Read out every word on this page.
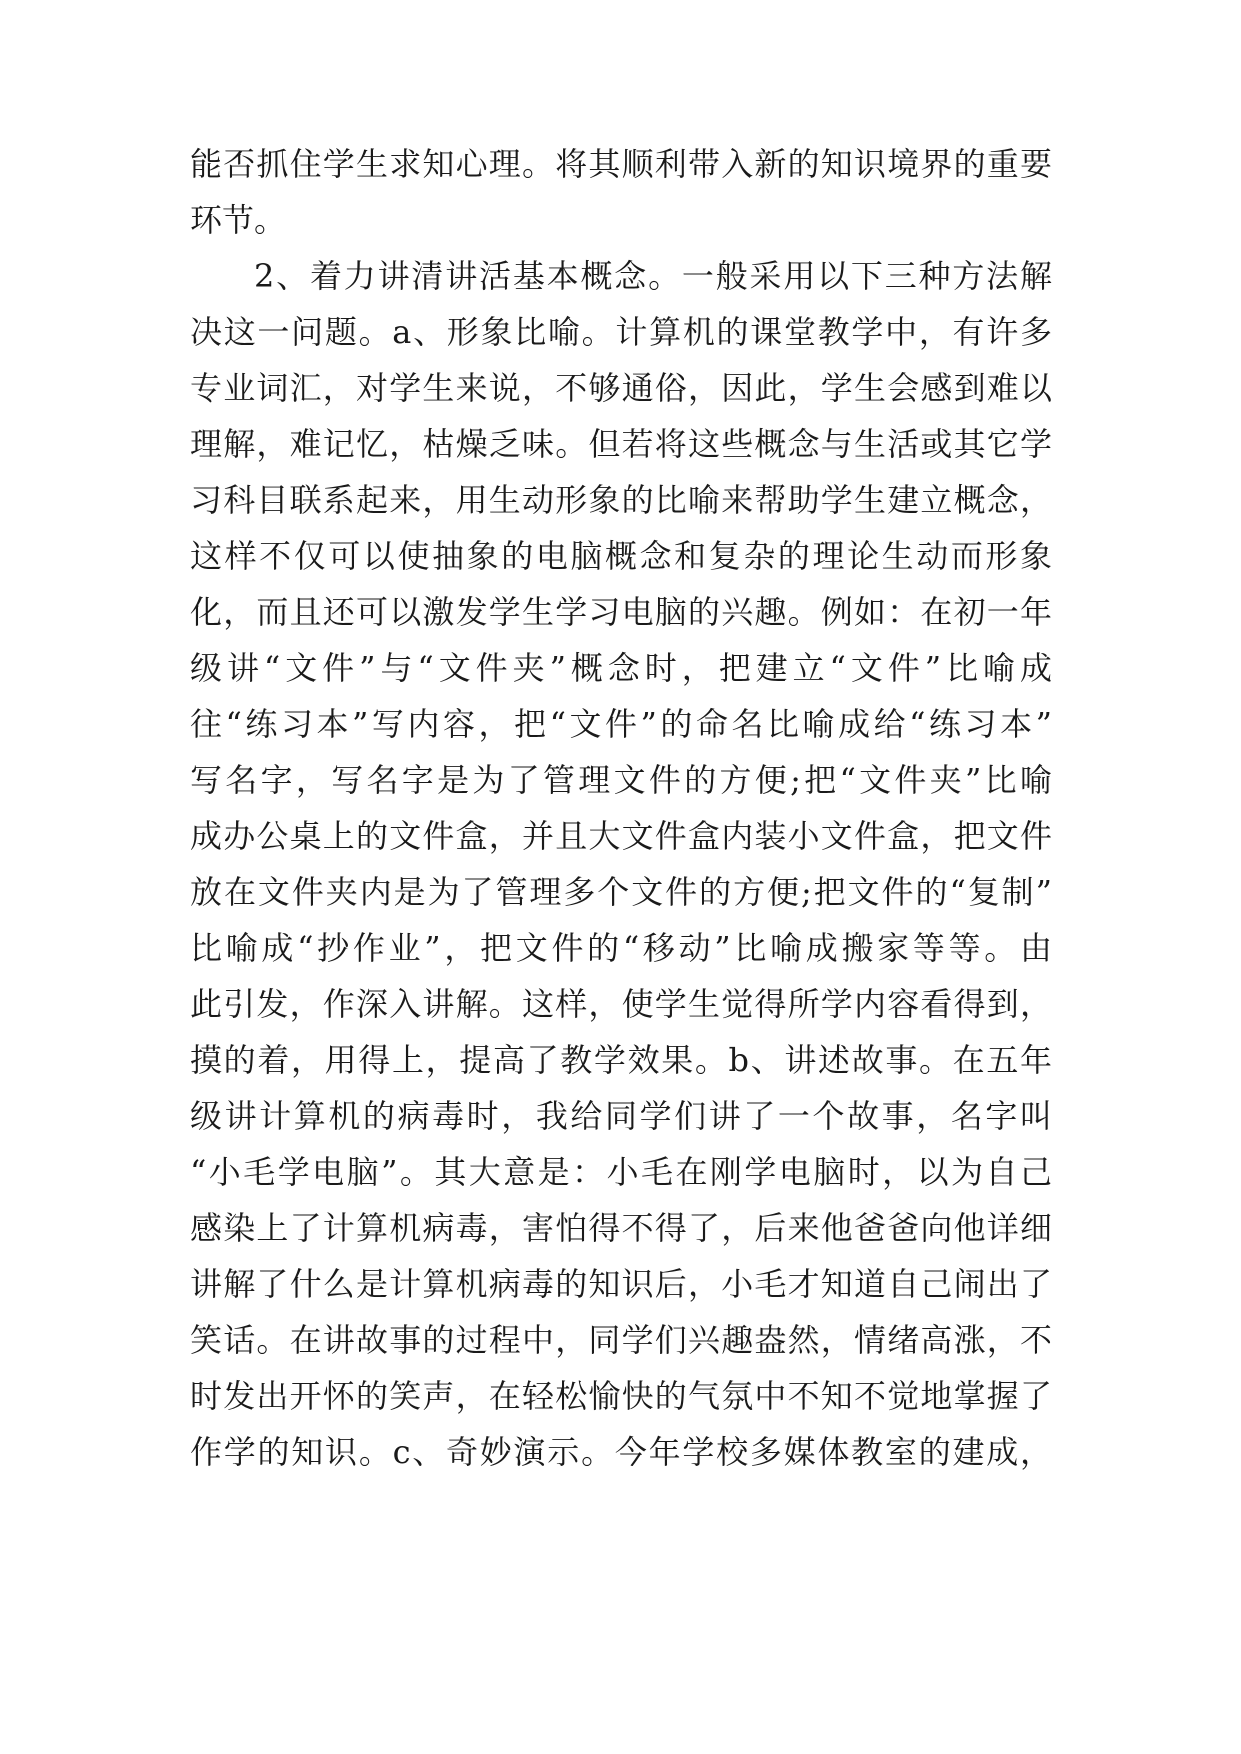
能否抓住学生求知心理。将其顺利带入新的知识境界的重要
环节。
2、着力讲清讲活基本概念。一般采用以下三种方法解
决这一问题。a、形象比喻。计算机的课堂教学中，有许多
专业词汇，对学生来说，不够通俗，因此，学生会感到难以
理解，难记忆，枯燥乏味。但若将这些概念与生活或其它学
习科目联系起来，用生动形象的比喻来帮助学生建立概念，
这样不仅可以使抽象的电脑概念和复杂的理论生动而形象
化，而且还可以激发学生学习电脑的兴趣。例如：在初一年
级讲“文件”与“文件夹”概念时，把建立“文件”比喻成
往“练习本”写内容，把“文件”的命名比喻成给“练习本”
写名字，写名字是为了管理文件的方便;把“文件夹”比喻
成办公桌上的文件盒，并且大文件盒内装小文件盒，把文件
放在文件夹内是为了管理多个文件的方便;把文件的“复制”
比喻成“抄作业”，把文件的“移动”比喻成搬家等等。由
此引发，作深入讲解。这样，使学生觉得所学内容看得到，
摸的着，用得上，提高了教学效果。b、讲述故事。在五年
级讲计算机的病毒时，我给同学们讲了一个故事，名字叫
“小毛学电脑”。其大意是：小毛在刚学电脑时，以为自己
感染上了计算机病毒，害怕得不得了，后来他爸爸向他详细
讲解了什么是计算机病毒的知识后，小毛才知道自己闹出了
笑话。在讲故事的过程中，同学们兴趣盎然，情绪高涨，不
时发出开怀的笑声，在轻松愉快的气氛中不知不觉地掌握了
作学的知识。c、奇妙演示。今年学校多媒体教室的建成，
